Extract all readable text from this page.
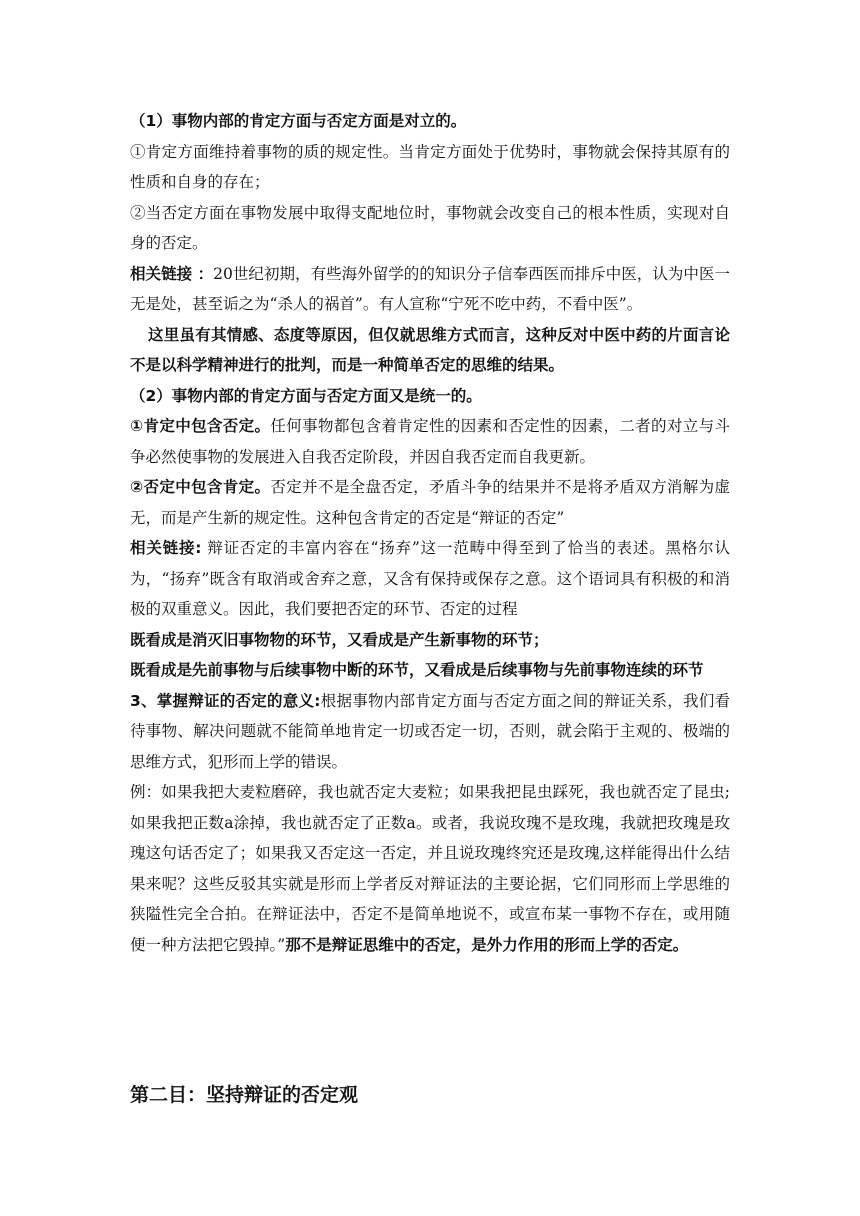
（1）事物内部的肯定方面与否定方面是对立的。

①肯定方面维持着事物的质的规定性。当肯定方面处于优势时，事物就会保持其原有的性质和自身的存在；

②当否定方面在事物发展中取得支配地位时，事物就会改变自己的根本性质，实现对自身的否定。

相关链接 ：20世纪初期，有些海外留学的的知识分子信奉西医而排斥中医，认为中医一无是处，甚至诟之为“杀人的祸首”。有人宣称“宁死不吃中药，不看中医”。

这里虽有其情感、态度等原因，但仅就思维方式而言，这种反对中医中药的片面言论不是以科学精神进行的批判，而是一种简单否定的思维的结果。

（2）事物内部的肯定方面与否定方面又是统一的。

①肯定中包含否定。任何事物都包含着肯定性的因素和否定性的因素，二者的对立与斗争必然使事物的发展进入自我否定阶段，并因自我否定而自我更新。

②否定中包含肯定。否定并不是全盘否定，矛盾斗争的结果并不是将矛盾双方消解为虚无，而是产生新的规定性。这种包含肯定的否定是“辩证的否定”

相关链接: 辩证否定的丰富内容在“扬弃”这一范畴中得至到了恰当的表述。黑格尔认为，“扬弃”既含有取消或舍弃之意，又含有保持或保存之意。这个语词具有积极的和消极的双重意义。因此，我们要把否定的环节、否定的过程

既看成是消灭旧事物物的环节，又看成是产生新事物的环节；

既看成是先前事物与后续事物中断的环节，又看成是后续事物与先前事物连续的环节

3、掌握辩证的否定的意义:根据事物内部肯定方面与否定方面之间的辩证关系，我们看待事物、解决问题就不能简单地肯定一切或否定一切，否则，就会陷于主观的、极端的思维方式，犯形而上学的错误。

例：如果我把大麦粒磨碎，我也就否定大麦粒；如果我把昆虫踩死，我也就否定了昆虫;如果我把正数a涂掉，我也就否定了正数a。或者，我说玫瑰不是玫瑰，我就把玫瑰是玫瑰这句话否定了；如果我又否定这一否定，并且说玫瑰终究还是玫瑰,这样能得出什么结果来呢？这些反驳其实就是形而上学者反对辩证法的主要论据，它们同形而上学思维的狭隘性完全合拍。在辩证法中，否定不是简单地说不，或宣布某一事物不存在，或用随便一种方法把它毁掉。”那不是辩证思维中的否定，是外力作用的形而上学的否定。

第二目：坚持辩证的否定观
